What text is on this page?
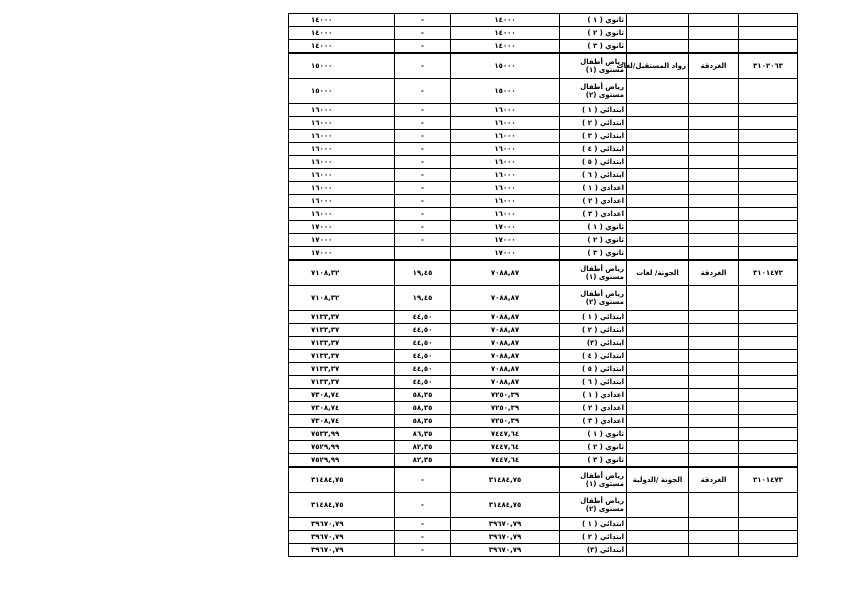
			ثانوي ( ١ )	١٤٠٠٠	-	١٤٠٠٠
			ثانوي ( ٢ )	١٤٠٠٠	-	١٤٠٠٠
			ثانوي ( ٣ )	١٤٠٠٠	-	١٤٠٠٠
٣١٠٢٠٦٣	الغردقة	رواد المستقبل/لغات	رياض أطفال مستوى (١)	١٥٠٠٠	-	١٥٠٠٠
			رياض أطفال مستوى (٢)	١٥٠٠٠	-	١٥٠٠٠
			ابتدائي ( ١ )	١٦٠٠٠	-	١٦٠٠٠
			ابتدائي ( ٢ )	١٦٠٠٠	-	١٦٠٠٠
			ابتدائي ( ٣ )	١٦٠٠٠	-	١٦٠٠٠
			ابتدائي ( ٤ )	١٦٠٠٠	-	١٦٠٠٠
			ابتدائي ( ٥ )	١٦٠٠٠	-	١٦٠٠٠
			ابتدائي ( ٦ )	١٦٠٠٠	-	١٦٠٠٠
			اعدادي ( ١ )	١٦٠٠٠	-	١٦٠٠٠
			اعدادي ( ٢ )	١٦٠٠٠	-	١٦٠٠٠
			اعدادي ( ٣ )	١٦٠٠٠	-	١٦٠٠٠
			ثانوي ( ١ )	١٧٠٠٠	-	١٧٠٠٠
			ثانوي ( ٢ )	١٧٠٠٠	-	١٧٠٠٠
			ثانوي ( ٣ )	١٧٠٠٠		١٧٠٠٠
٣١٠١٤٧٣	الغردقة	الجونة/ لغات	رياض أطفال مستوى (١)	٧٠٨٨,٨٧	١٩,٤٥	٧١٠٨,٣٢
			رياض أطفال مستوى (٢)	٧٠٨٨,٨٧	١٩,٤٥	٧١٠٨,٣٢
			ابتدائي ( ١ )	٧٠٨٨,٨٧	٤٤,٥٠	٧١٣٣,٣٧
			ابتدائي ( ٢ )	٧٠٨٨,٨٧	٤٤,٥٠	٧١٣٣,٣٧
			ابتدائي (٣)	٧٠٨٨,٨٧	٤٤,٥٠	٧١٣٣,٣٧
			ابتدائي ( ٤ )	٧٠٨٨,٨٧	٤٤,٥٠	٧١٣٣,٣٧
			ابتدائي ( ٥ )	٧٠٨٨,٨٧	٤٤,٥٠	٧١٣٣,٣٧
			ابتدائي ( ٦ )	٧٠٨٨,٨٧	٤٤,٥٠	٧١٣٣,٣٧
			اعدادي ( ١ )	٧٢٥٠,٣٩	٥٨,٣٥	٧٣٠٨,٧٤
			اعدادي ( ٢ )	٧٢٥٠,٣٩	٥٨,٣٥	٧٣٠٨,٧٤
			اعدادي ( ٣ )	٧٢٥٠,٣٩	٥٨,٣٥	٧٣٠٨,٧٤
			ثانوي ( ١ )	٧٤٤٧,٦٤	٨٦,٣٥	٧٥٣٣,٩٩
			ثانوي ( ٢ )	٧٤٤٧,٦٤	٨٢,٣٥	٧٥٢٩,٩٩
			ثانوي ( ٣ )	٧٤٤٧,٦٤	٨٢,٣٥	٧٥٢٩,٩٩
٣١٠١٤٧٣	الغردقة	الجونة /الدولية	رياض أطفال مستوى (١)	٣١٤٨٤,٧٥	-	٣١٤٨٤,٧٥
			رياض أطفال مستوى (٢)	٣١٤٨٤,٧٥	-	٣١٤٨٤,٧٥
			ابتدائي ( ١ )	٣٩٦٧٠,٧٩	-	٣٩٦٧٠,٧٩
			ابتدائي ( ٢ )	٣٩٦٧٠,٧٩	-	٣٩٦٧٠,٧٩
			ابتدائي (٣)	٣٩٦٧٠,٧٩	-	٣٩٦٧٠,٧٩
